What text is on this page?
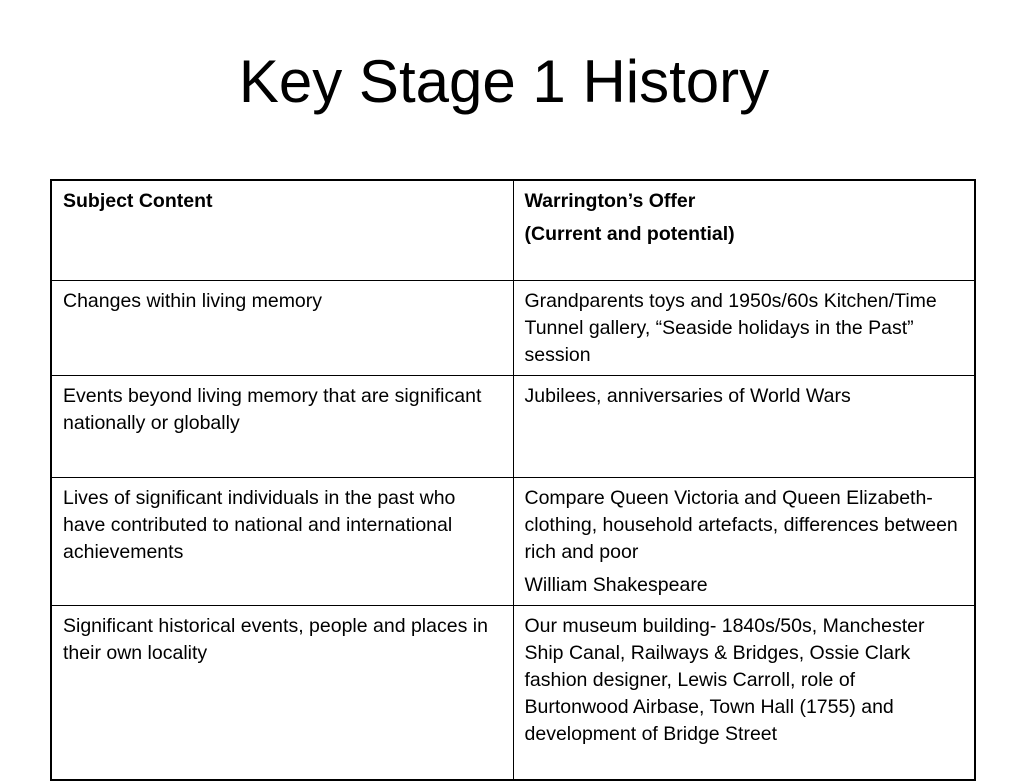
Key Stage 1 History
Subject Content	Warrington’s Offer
(Current and potential)

Changes within living memory	Grandparents toys and 1950s/60s Kitchen/Time Tunnel gallery, “Seaside holidays in the Past” session
Events beyond living memory that are significant nationally or globally	Jubilees, anniversaries of World Wars
Lives of significant individuals in the past who have contributed to national and international achievements	Compare Queen Victoria and Queen Elizabeth- clothing, household artefacts, differences between rich and poor
William Shakespeare

Significant historical events, people and places in their own locality	Our museum building- 1840s/50s, Manchester Ship Canal, Railways & Bridges, Ossie Clark fashion designer, Lewis Carroll, role of Burtonwood Airbase, Town Hall (1755) and development of Bridge Street
